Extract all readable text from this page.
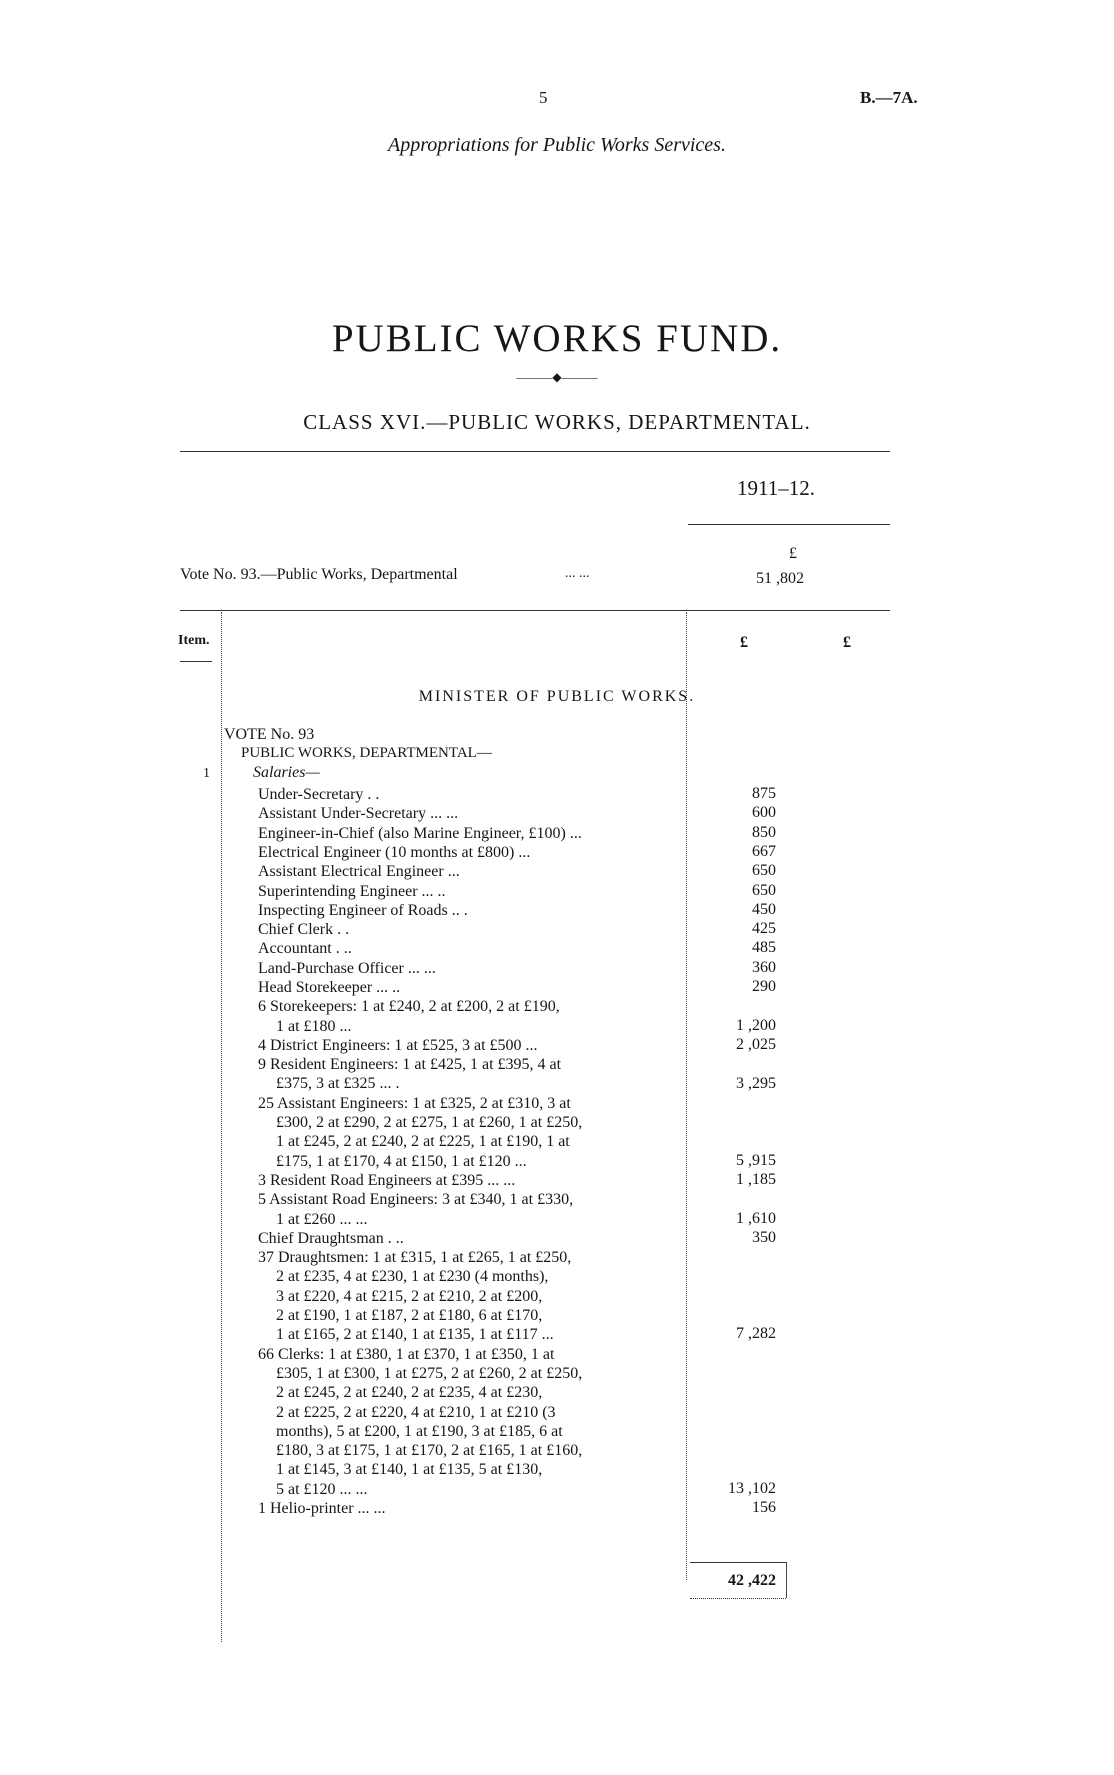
5	B.—7A.
Appropriations for Public Works Services.
PUBLIC WORKS FUND.
———◆———
CLASS XVI.—PUBLIC WORKS, DEPARTMENTAL.
1911–12.
£
Vote No. 93.—Public Works, Departmental	... ...	51 ,802
Item.	£	£
MINISTER OF PUBLIC WORKS.
VOTE No. 93
PUBLIC WORKS, DEPARTMENTAL—
1	Salaries—
Under-Secretary . .	875
Assistant Under-Secretary ... ...	600
Engineer-in-Chief (also Marine Engineer, £100) ...	850
Electrical Engineer (10 months at £800) ...	667
Assistant Electrical Engineer ...	650
Superintending Engineer ... ..	650
Inspecting Engineer of Roads .. .	450
Chief Clerk . .	425
Accountant . ..	485
Land-Purchase Officer ... ...	360
Head Storekeeper ... ..	290
6 Storekeepers: 1 at £240, 2 at £200, 2 at £190,
1 at £180 ...	1 ,200
4 District Engineers: 1 at £525, 3 at £500 ...	2 ,025
9 Resident Engineers: 1 at £425, 1 at £395, 4 at
£375, 3 at £325 ... .	3 ,295
25 Assistant Engineers: 1 at £325, 2 at £310, 3 at
£300, 2 at £290, 2 at £275, 1 at £260, 1 at £250,
1 at £245, 2 at £240, 2 at £225, 1 at £190, 1 at
£175, 1 at £170, 4 at £150, 1 at £120 ...	5 ,915
3 Resident Road Engineers at £395 ... ...	1 ,185
5 Assistant Road Engineers: 3 at £340, 1 at £330,
1 at £260 ... ...	1 ,610
Chief Draughtsman . ..	350
37 Draughtsmen: 1 at £315, 1 at £265, 1 at £250,
2 at £235, 4 at £230, 1 at £230 (4 months),
3 at £220, 4 at £215, 2 at £210, 2 at £200,
2 at £190, 1 at £187, 2 at £180, 6 at £170,
1 at £165, 2 at £140, 1 at £135, 1 at £117 ...	7 ,282
66 Clerks: 1 at £380, 1 at £370, 1 at £350, 1 at
£305, 1 at £300, 1 at £275, 2 at £260, 2 at £250,
2 at £245, 2 at £240, 2 at £235, 4 at £230,
2 at £225, 2 at £220, 4 at £210, 1 at £210 (3
months), 5 at £200, 1 at £190, 3 at £185, 6 at
£180, 3 at £175, 1 at £170, 2 at £165, 1 at £160,
1 at £145, 3 at £140, 1 at £135, 5 at £130,
5 at £120 ... ...	13 ,102
1 Helio-printer ... ...	156
42 ,422
